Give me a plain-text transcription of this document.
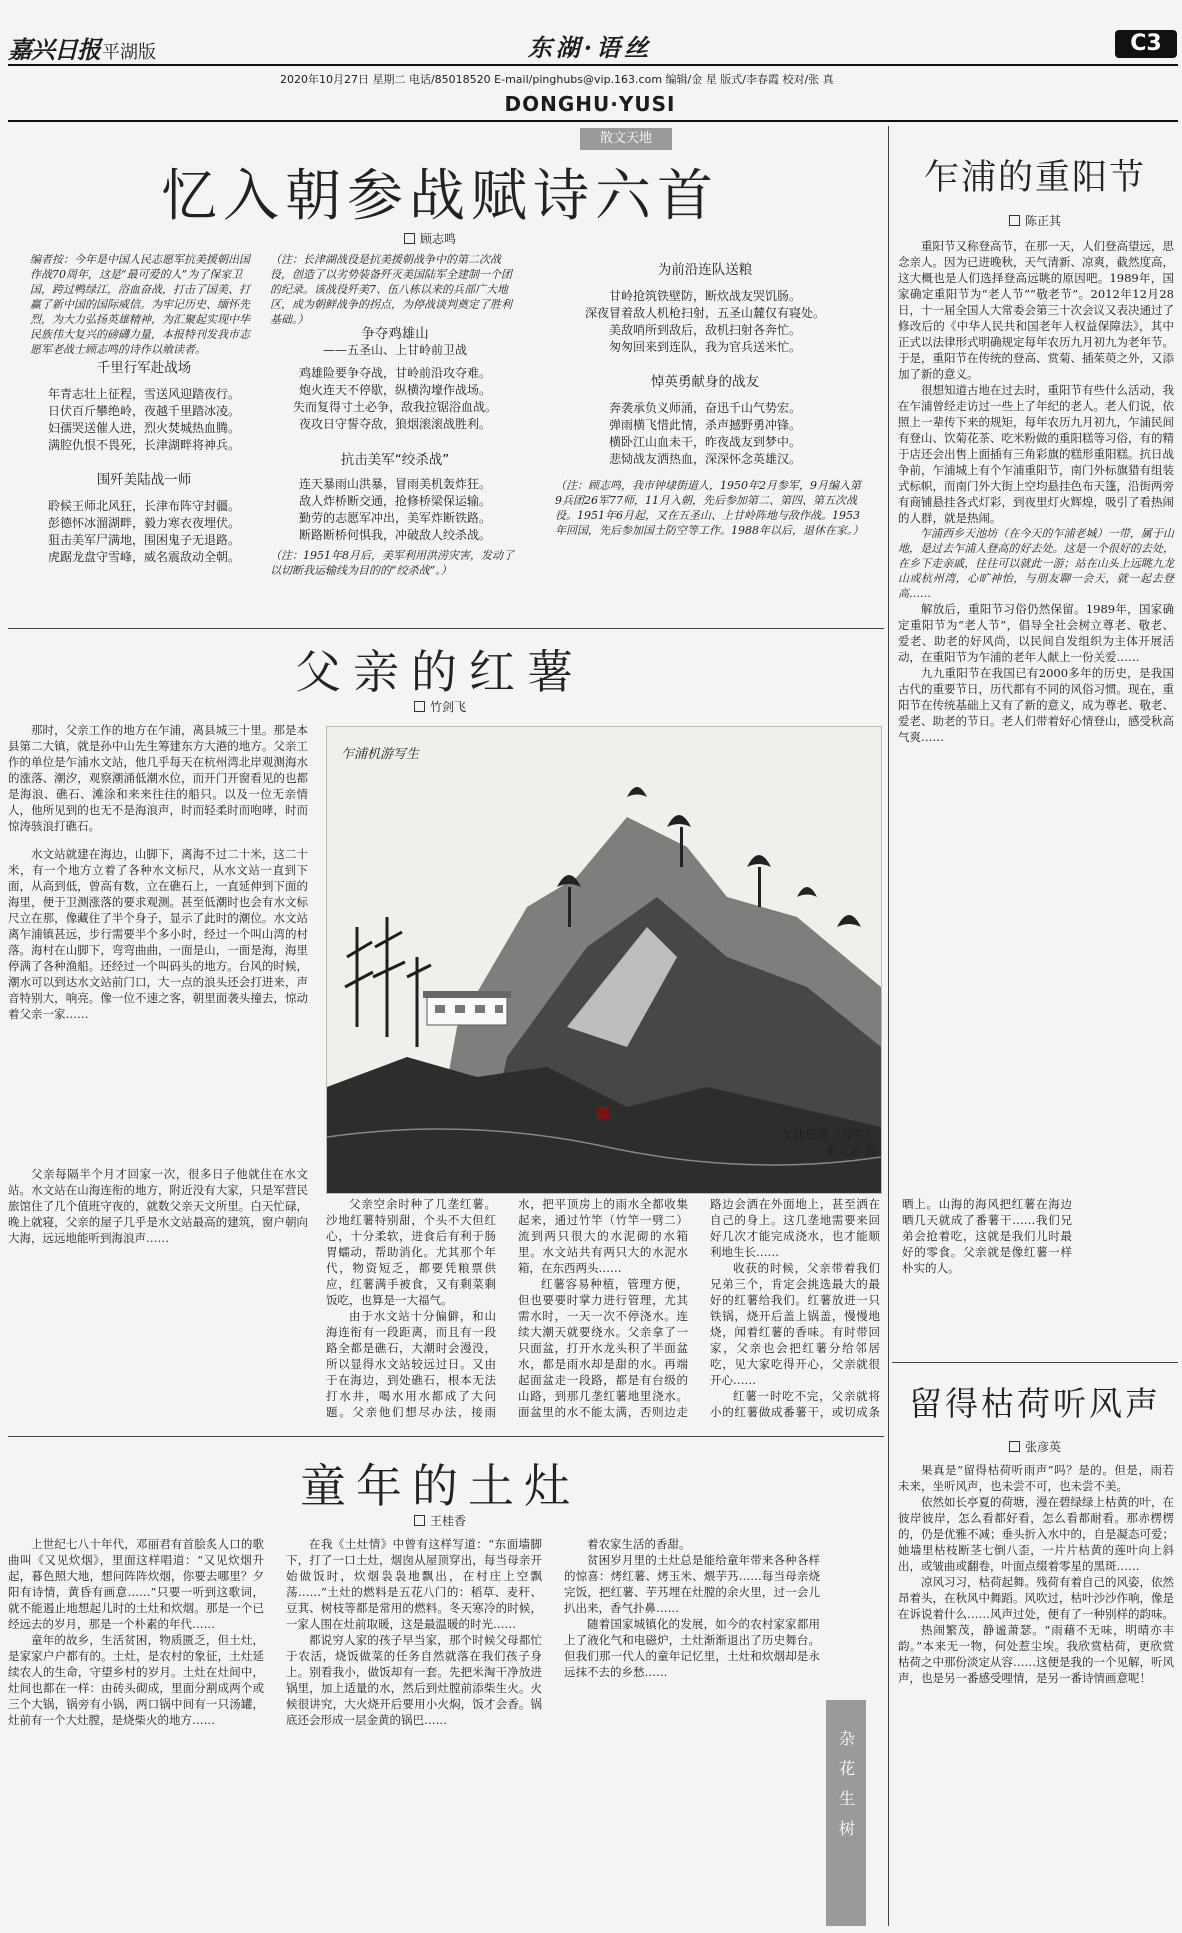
嘉兴日报 平湖版	东湖·语丝	C3
2020年10月27日 星期二 电话/85018520 E-mail/pinghubs@vip.163.com 编辑/金 星 版式/李春霞 校对/张 真
DONGHU·YUSI
散文天地
忆入朝参战赋诗六首
顾志鸣

编者按：今年是中国人民志愿军抗美援朝出国作战70周年，这是“最可爱的人”为了保家卫国，跨过鸭绿江，浴血奋战，打击了国美、打赢了新中国的国际威信。为牢记历史、缅怀先烈，为大力弘扬英雄精神，为汇聚起实现中华民族伟大复兴的磅礴力量，本报特刊发我市志愿军老战士顾志鸣的诗作以飨读者。

千里行军赴战场

年青志壮上征程，雪送风迎踏夜行。

日伏百斤攀绝岭，夜越千里踏冰凌。

妇孺哭送催人进，烈火焚城热血腾。

满腔仇恨不畏死，长津湖畔将神兵。

围歼美陆战一师

聆候王师北风狂，长津布阵守封疆。

彭德怀冰溜湖畔，毅力寒衣夜埋伏。

狙击美军尸满地，围困鬼子无退路。

虎踞龙盘守雪峰，威名震敌动全朝。

（注：长津湖战役是抗美援朝战争中的第二次战役，创造了以劣势装备歼灭美国陆军全建制一个团的纪录。该战役歼美7、伍八栋以来的兵部广大地区，成为朝鲜战争的拐点，为停战谈判奠定了胜利基础。）

争夺鸡雄山

——五圣山、上甘岭前卫战

鸡雄险要争夺战，甘岭前沿攻夺难。

炮火连天不停歇，纵横沟壕作战场。

失而复得寸土必争，敌我拉锯浴血战。

夜攻日守誓夺敌，狼烟滚滚战胜利。

抗击美军“绞杀战”

连天暴雨山洪暴，冒雨美机轰炸狂。

敌人炸桥断交通，抢修桥梁保运输。

勤劳的志愿军冲出，美军炸断铁路。

断路断桥何惧我，冲破敌人绞杀战。

（注：1951年8月后，美军利用洪涝灾害，发动了以切断我运输线为目的的“绞杀战”。）

为前沿连队送粮

甘岭抢筑铁壁防，断炊战友哭饥肠。

深夜冒着敌人机枪扫射，五圣山麓仅有寝处。

美敌哨所到敌后，敌机扫射各奔忙。

匆匆回来到连队，我为官兵送米忙。

悼英勇献身的战友

奔袭承负义师涌，奋迅千山气势宏。

弹雨横飞惜此情，杀声撼野勇冲锋。

横卧江山血未干，昨夜战友到梦中。

悲恸战友洒热血，深深怀念英雄汉。

（注：顾志鸣，我市钟埭街道人，1950年2月参军，9月编入第9兵团26军77师，11月入朝，先后参加第二、第四、第五次战役。1951年6月起，又在五圣山、上甘岭阵地与敌作战。1953年回国，先后参加国土防空等工作。1988年以后，退休在家。）

父亲的红薯
竹剑飞

那时，父亲工作的地方在乍浦，离县城三十里。那是本县第二大镇，就是孙中山先生筹建东方大港的地方。父亲工作的单位是乍浦水文站，他几乎每天在杭州湾北岸观测海水的涨落、潮汐，观察潮涌低潮水位，而开门开窗看见的也都是海浪、礁石、滩涂和来来往往的船只。以及一位无亲情人，他所见到的也无不是海浪声，时而轻柔时而咆哮，时而惊涛骇浪打礁石。

水文站就建在海边，山脚下，离海不过二十米，这二十米，有一个地方立着了各种水文标尺，从水文站一直到下面，从高到低，曾高有数，立在礁石上，一直延伸到下面的海里，便于卫测涨落的要求观测。甚至低潮时也会有水文标尺立在那，像藏住了半个身子，显示了此时的潮位。水文站离乍浦镇甚远，步行需要半个多小时，经过一个叫山湾的村落。海村在山脚下，弯弯曲曲，一面是山，一面是海，海里停满了各种渔船。还经过一个叫码头的地方。台风的时候，潮水可以到达水文站前门口，大一点的浪头还会打进来，声音特别大，响亮。像一位不速之客，朝里面袭头撞去，惊动着父亲一家……

父亲每隔半个月才回家一次，很多日子他就住在水文站。水文站在山海连衔的地方，附近没有大家，只是军营民旅馆住了几个值班守夜的，就数父亲天文所里。白天忙碌，晚上就寝，父亲的屋子几乎是水文站最高的建筑，窗户朝向大海，远远地能听到海浪声……

乍浦机游写生
乍浦机游（写生）
张文治 作

父亲空余时种了几垄红薯。沙地红薯特别甜，个头不大但红心，十分柔软，进食后有利于肠胃蠕动，帮助消化。尤其那个年代，物资短乏，都要凭粮票供应，红薯满手被食，又有剩菜剩饭吃，也算是一大福气。

由于水文站十分偏僻，和山海连衔有一段距离，而且有一段路全都是礁石，大潮时会漫没，所以显得水文站较远过日。又由于在海边，到处礁石，根本无法打水井，喝水用水都成了大问题。父亲他们想尽办法，接雨水，把平顶房上的雨水全都收集起来，通过竹竿（竹竿一劈二）流到两只很大的水泥砌的水箱里。水文站共有两只大的水泥水箱，在东西两头……

红薯容易种植，管理方便，但也要要时掌力进行管理，尤其需水时，一天一次不停浇水。连续大潮天就要绕水。父亲拿了一只面盆，打开水龙头积了半面盆水，都是雨水却是甜的水。再端起面盆走一段路，都是有台级的山路，到那几垄红薯地里浇水。面盆里的水不能太满，否则边走路边会洒在外面地上，甚至洒在自己的身上。这几垄地需要来回好几次才能完成浇水，也才能顺利地生长……

收获的时候，父亲带着我们兄弟三个，肯定会挑选最大的最好的红薯给我们。红薯放进一只铁锅，烧开后盖上锅盖，慢慢地烧，闻着红薯的香味。有时带回家，父亲也会把红薯分给邻居吃，见大家吃得开心，父亲就很开心……

红薯一时吃不完，父亲就将小的红薯做成番薯干，或切成条晒上。山海的海风把红薯在海边晒几天就成了番薯干……我们兄弟会抢着吃，这就是我们儿时最好的零食。父亲就是像红薯一样朴实的人。

童年的土灶
王桂香

上世纪七八十年代，邓丽君有首脍炙人口的歌曲叫《又见炊烟》，里面这样唱道：“又见炊烟升起，暮色照大地，想问阵阵炊烟，你要去哪里？夕阳有诗情，黄昏有画意……”只要一听到这歌词，就不能遏止地想起儿时的土灶和炊烟。那是一个已经远去的岁月，那是一个朴素的年代……

童年的故乡，生活贫困，物质匮乏，但土灶，是家家户户都有的。土灶，是农村的象征，土灶延续农人的生命，守望乡村的岁月。土灶在灶间中，灶间也都在一样：由砖头砌成，里面分割成两个或三个大锅，锅旁有小锅，两口锅中间有一只汤罐，灶前有一个大灶膛，是烧柴火的地方……

在我《土灶情》中曾有这样写道：“东面墙脚下，打了一口土灶，烟囱从屋顶穿出，每当母亲开始做饭时，炊烟袅袅地飘出，在村庄上空飘荡……”土灶的燃料是五花八门的：稻草、麦秆、豆萁、树枝等都是常用的燃料。冬天寒冷的时候，一家人围在灶前取暖，这是最温暖的时光……

都说穷人家的孩子早当家，那个时候父母都忙于农活，烧饭做菜的任务自然就落在我们孩子身上。别看我小，做饭却有一套。先把米淘干净放进锅里，加上适量的水，然后到灶膛前添柴生火。火候很讲究，大火烧开后要用小火焖，饭才会香。锅底还会形成一层金黄的锅巴……

着农家生活的香甜。

贫困岁月里的土灶总是能给童年带来各种各样的惊喜：烤红薯、烤玉米、煨芋艿……每当母亲烧完饭，把红薯、芋艿埋在灶膛的余火里，过一会儿扒出来，香气扑鼻……

随着国家城镇化的发展，如今的农村家家都用上了液化气和电磁炉，土灶渐渐退出了历史舞台。但我们那一代人的童年记忆里，土灶和炊烟却是永远抹不去的乡愁……

杂花生树
乍浦的重阳节
陈正其

重阳节又称登高节，在那一天，人们登高望远，思念亲人。因为已进晚秋，天气清新、凉爽，截然度高，这大概也是人们选择登高远眺的原因吧。1989年，国家确定重阳节为“老人节”“敬老节”。2012年12月28日，十一届全国人大常委会第三十次会议又表决通过了修改后的《中华人民共和国老年人权益保障法》，其中正式以法律形式明确规定每年农历九月初九为老年节。于是，重阳节在传统的登高、赏菊、插茱萸之外，又添加了新的意义。

很想知道古地在过去时，重阳节有些什么活动，我在乍浦曾经走访过一些上了年纪的老人。老人们说，依照上一辈传下来的规矩，每年农历九月初九，乍浦民间有登山、饮菊花茶、吃米粉做的重阳糕等习俗，有的精于店还会出售上面插有三角彩旗的糕形重阳糕。抗日战争前，乍浦城上有个乍浦重阳节，南门外标旗猎有组装式标帜，而南门外大街上空均悬挂色布天篷，沿街两旁有商铺悬挂各式灯彩，到夜里灯火辉煌，吸引了看热闹的人群，就是热闹。

乍浦西乡天池坊（在今天的乍浦老城）一带，属于山地，是过去乍浦人登高的好去处。这是一个很好的去处，在乡下走亲戚，往往可以就此一游；站在山头上远眺九龙山或杭州湾，心旷神怡，与朋友聊一会天，就一起去登高……

解放后，重阳节习俗仍然保留。1989年，国家确定重阳节为“老人节”，倡导全社会树立尊老、敬老、爱老、助老的好风尚，以民间自发组织为主体开展活动，在重阳节为乍浦的老年人献上一份关爱……

九九重阳节在我国已有2000多年的历史，是我国古代的重要节日，历代都有不同的风俗习惯。现在，重阳节在传统基础上又有了新的意义，成为尊老、敬老、爱老、助老的节日。老人们带着好心情登山，感受秋高气爽……

留得枯荷听风声
张彦英

果真是“留得枯荷听雨声”吗？是的。但是，雨若未来，坐听风声，也未尝不可，也未尝不美。

依然如长亭夏的荷塘，漫在碧绿绿上枯黄的叶，在彼岸彼岸，怎么看都好看，怎么看都耐看。那赤楞楞的，仍是优雅不减；垂头折入水中的，自是凝态可爱；她墙里枯枝断茎七倒八歪，一片片枯黄的莲叶向上斜出，或皱曲或翻卷，叶面点缀着零星的黑斑……

凉风习习，枯荷起舞。残荷有着自己的风姿，依然昂着头，在秋风中舞蹈。风吹过，枯叶沙沙作响，像是在诉说着什么……风声过处，便有了一种别样的韵味。

热闹繁茂，静谧萧瑟。“雨藉不无味，明晴亦丰韵。”本来无一物，何处惹尘埃。我欣赏枯荷，更欣赏枯荷之中那份淡定从容……这便是我的一个见解，听风声，也是另一番感受哩情，是另一番诗情画意呢！
